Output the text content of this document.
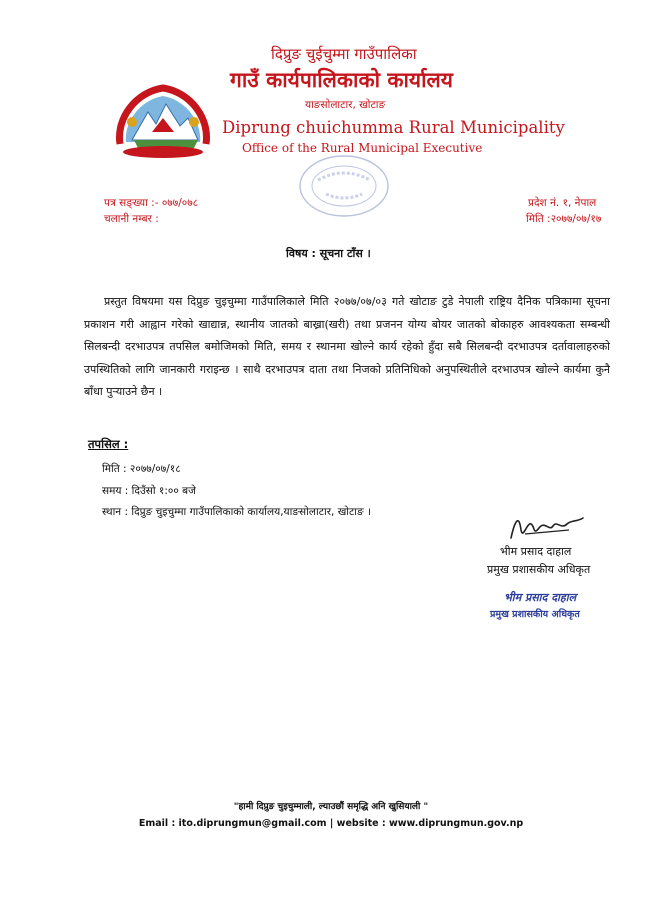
दिप्रुङ चुईचुम्मा गाउँपालिका
गाउँ कार्यपालिकाको कार्यालय
याङसोलाटार, खोटाङ
Diprung chuichumma Rural Municipality
Office of the Rural Municipal Executive
पत्र सङ्ख्या :- ०७७/०७८
चलानी नम्बर :
प्रदेश नं. १, नेपाल
मिति :२०७७/०७/१७
विषय : सूचना टाँस ।

प्रस्तुत विषयमा यस दिप्रुङ चुइचुम्मा गाउँपालिकाले मिति २०७७/०७/०३ गते खोटाङ टुडे नेपाली राष्ट्रिय दैनिक पत्रिकामा सूचना प्रकाशन गरी आह्वान गरेको खाद्यान्न, स्थानीय जातको बाख्रा(खरी) तथा प्रजनन योग्य बोयर जातको बोकाहरु आवश्यकता सम्बन्धी सिलबन्दी दरभाउपत्र तपसिल बमोजिमको मिति, समय र स्थानमा खोल्ने कार्य रहेको हुँदा सबै सिलबन्दी दरभाउपत्र दर्तावालाहरुको उपस्थितिको लागि जानकारी गराइन्छ । साथै दरभाउपत्र दाता तथा निजको प्रतिनिधिको अनुपस्थितीले दरभाउपत्र खोल्ने कार्यमा कुनै बाँधा पुर्‍याउने छैन ।

तपसिल :
मिति : २०७७/०७/१८
समय : दिउँसो १:०० बजे
स्थान : दिप्रुङ चुइचुम्मा गाउँपालिकाको कार्यालय,याङसोलाटार, खोटाङ ।
भीम प्रसाद दाहाल
प्रमुख प्रशासकीय अधिकृत
भीम प्रसाद दाहाल
प्रमुख प्रशासकीय अधिकृत
"हामी दिप्रुङ चुइचुम्माली, ल्याउछौं समृद्धि अनि खुसियाली "
Email : ito.diprungmun@gmail.com | website : www.diprungmun.gov.np
